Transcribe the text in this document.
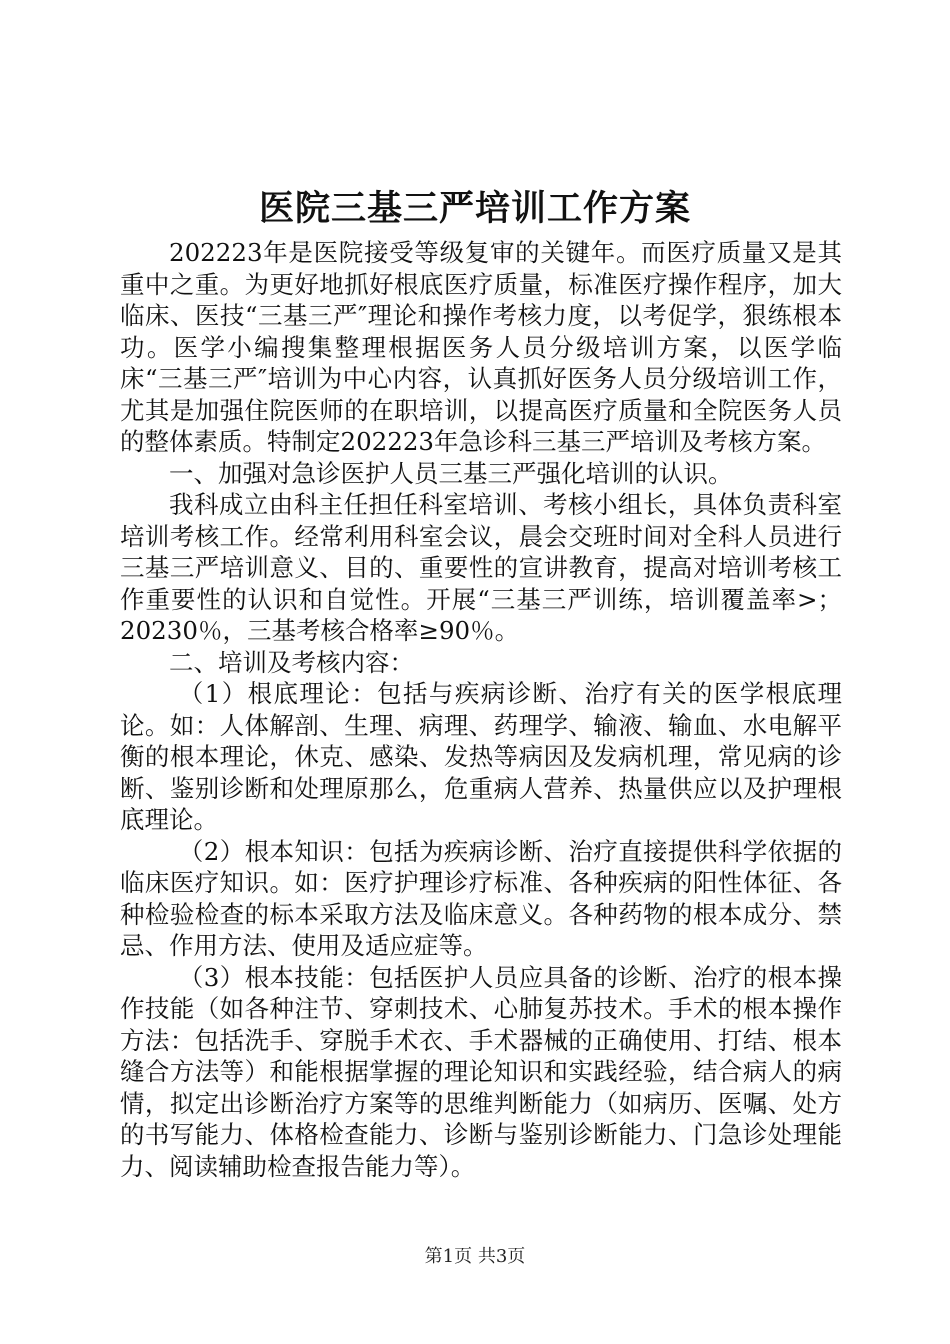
医院三基三严培训工作方案

202223年是医院接受等级复审的关键年。而医疗质量又是其重中之重。为更好地抓好根底医疗质量，标准医疗操作程序，加大临床、医技“三基三严″理论和操作考核力度，以考促学，狠练根本功。医学小编搜集整理根据医务人员分级培训方案，以医学临床“三基三严″培训为中心内容，认真抓好医务人员分级培训工作，尤其是加强住院医师的在职培训，以提高医疗质量和全院医务人员的整体素质。特制定202223年急诊科三基三严培训及考核方案。

一、加强对急诊医护人员三基三严强化培训的认识。

我科成立由科主任担任科室培训、考核小组长，具体负责科室培训考核工作。经常利用科室会议，晨会交班时间对全科人员进行三基三严培训意义、目的、重要性的宣讲教育，提高对培训考核工作重要性的认识和自觉性。开展“三基三严训练，培训覆盖率>；20230％，三基考核合格率≥90％。

二、培训及考核内容：

（1）根底理论：包括与疾病诊断、治疗有关的医学根底理论。如：人体解剖、生理、病理、药理学、输液、输血、水电解平衡的根本理论，休克、感染、发热等病因及发病机理，常见病的诊断、鉴别诊断和处理原那么，危重病人营养、热量供应以及护理根底理论。

（2）根本知识：包括为疾病诊断、治疗直接提供科学依据的临床医疗知识。如：医疗护理诊疗标准、各种疾病的阳性体征、各种检验检查的标本采取方法及临床意义。各种药物的根本成分、禁忌、作用方法、使用及适应症等。

（3）根本技能：包括医护人员应具备的诊断、治疗的根本操作技能（如各种注节、穿刺技术、心肺复苏技术。手术的根本操作方法：包括洗手、穿脱手术衣、手术器械的正确使用、打结、根本缝合方法等）和能根据掌握的理论知识和实践经验，结合病人的病情，拟定出诊断治疗方案等的思维判断能力（如病历、医嘱、处方的书写能力、体格检查能力、诊断与鉴别诊断能力、门急诊处理能力、阅读辅助检查报告能力等）。

第1页 共3页
